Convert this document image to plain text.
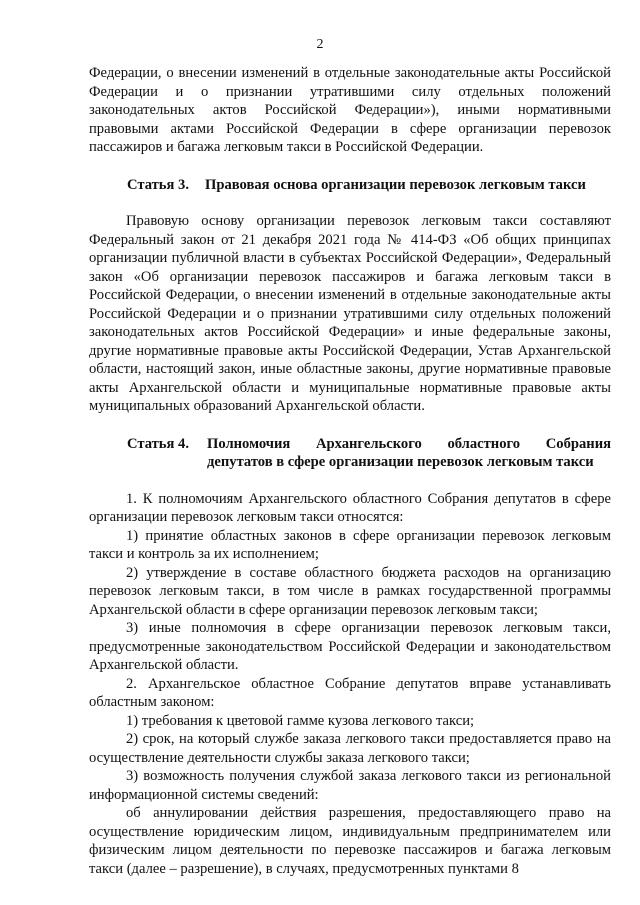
2

Федерации, о внесении изменений в отдельные законодательные акты Российской Федерации и о признании утратившими силу отдельных положений законодательных актов Российской Федерации»), иными нормативными правовыми актами Российской Федерации в сфере организации перевозок пассажиров и багажа легковым такси в Российской Федерации.

Статья 3.	Правовая основа организации перевозок легковым такси

Правовую основу организации перевозок легковым такси составляют Федеральный закон от 21 декабря 2021 года № 414-ФЗ «Об общих принципах организации публичной власти в субъектах Российской Федерации», Федеральный закон «Об организации перевозок пассажиров и багажа легковым такси в Российской Федерации, о внесении изменений в отдельные законодательные акты Российской Федерации и о признании утратившими силу отдельных положений законодательных актов Российской Федерации» и иные федеральные законы, другие нормативные правовые акты Российской Федерации, Устав Архангельской области, настоящий закон, иные областные законы, другие нормативные правовые акты Архангельской области и муниципальные нормативные правовые акты муниципальных образований Архангельской области.

Статья 4.	Полномочия Архангельского областного Собрания
депутатов в сфере организации перевозок легковым такси

1. К полномочиям Архангельского областного Собрания депутатов в сфере организации перевозок легковым такси относятся:

1) принятие областных законов в сфере организации перевозок легковым такси и контроль за их исполнением;

2) утверждение в составе областного бюджета расходов на организацию перевозок легковым такси, в том числе в рамках государственной программы Архангельской области в сфере организации перевозок легковым такси;

3) иные полномочия в сфере организации перевозок легковым такси, предусмотренные законодательством Российской Федерации и законодательством Архангельской области.

2. Архангельское областное Собрание депутатов вправе устанавливать областным законом:

1) требования к цветовой гамме кузова легкового такси;

2) срок, на который службе заказа легкового такси предоставляется право на осуществление деятельности службы заказа легкового такси;

3) возможность получения службой заказа легкового такси из региональной информационной системы сведений:

об аннулировании действия разрешения, предоставляющего право на осуществление юридическим лицом, индивидуальным предпринимателем или физическим лицом деятельности по перевозке пассажиров и багажа легковым такси (далее – разрешение), в случаях, предусмотренных пунктами 8
